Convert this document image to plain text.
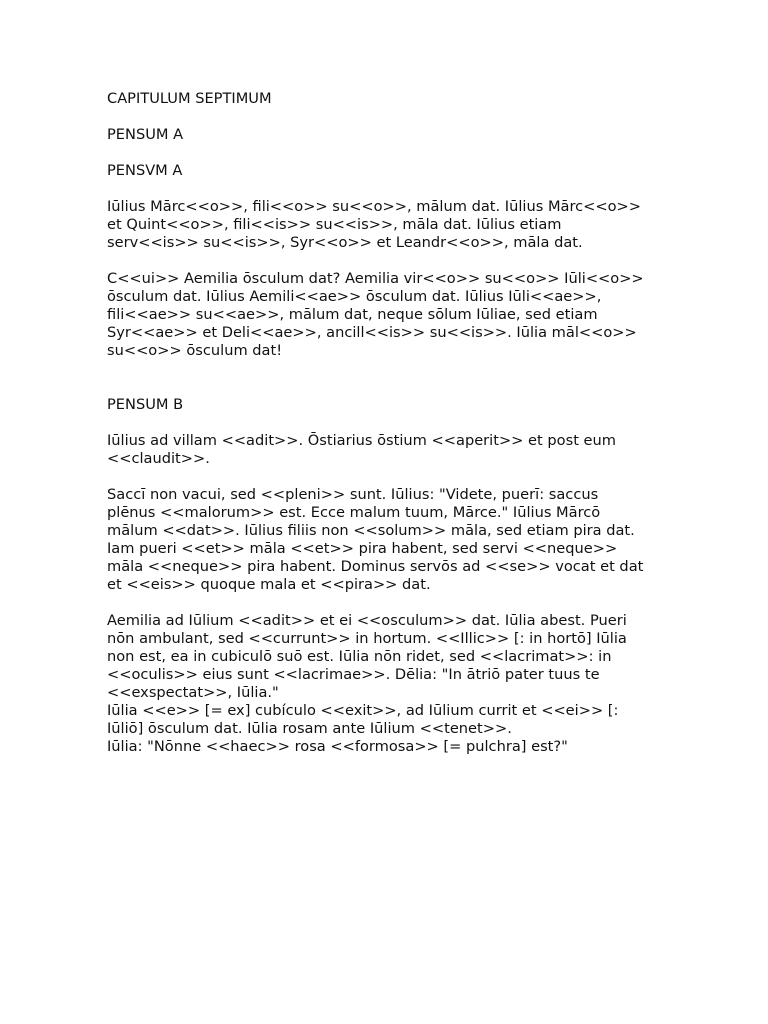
CAPITULUM SEPTIMUM
PENSUM A
PENSVM A
Iūlius Mārc<<o>>, fili<<o>> su<<o>>, mālum dat. Iūlius Mārc<<o>>
et Quint<<o>>, fili<<is>> su<<is>>, māla dat. Iūlius etiam
serv<<is>> su<<is>>, Syr<<o>> et Leandr<<o>>, māla dat.
C<<ui>> Aemilia ōsculum dat? Aemilia vir<<o>> su<<o>> Iūli<<o>>
ōsculum dat. Iūlius Aemili<<ae>> ōsculum dat. Iūlius Iūli<<ae>>,
fili<<ae>> su<<ae>>, mālum dat, neque sōlum Iūliae, sed etiam
Syr<<ae>> et Deli<<ae>>, ancill<<is>> su<<is>>. Iūlia māl<<o>>
su<<o>> ōsculum dat!
PENSUM B
Iūlius ad villam <<adit>>. Ōstiarius ōstium <<aperit>> et post eum
<<claudit>>.
Saccī non vacui, sed <<pleni>> sunt. Iūlius: "Videte, puerī: saccus
plēnus <<malorum>> est. Ecce malum tuum, Mārce." Iūlius Mārcō
mālum <<dat>>. Iūlius filiis non <<solum>> māla, sed etiam pira dat.
Iam pueri <<et>> māla <<et>> pira habent, sed servi <<neque>>
māla <<neque>> pira habent. Dominus servōs ad <<se>> vocat et dat
et <<eis>> quoque mala et <<pira>> dat.
Aemilia ad Iūlium <<adit>> et ei <<osculum>> dat. Iūlia abest. Pueri
nōn ambulant, sed <<currunt>> in hortum. <<Illic>> [: in hortō] Iūlia
non est, ea in cubiculō suō est. Iūlia nōn ridet, sed <<lacrimat>>: in
<<oculis>> eius sunt <<lacrimae>>. Dēlia: "In ātriō pater tuus te
<<exspectat>>, Iūlia."
Iūlia <<e>> [= ex] cubículo <<exit>>, ad Iūlium currit et <<ei>> [:
Iūliō] ōsculum dat. Iūlia rosam ante Iūlium <<tenet>>.
Iūlia: "Nōnne <<haec>> rosa <<formosa>> [= pulchra] est?"
